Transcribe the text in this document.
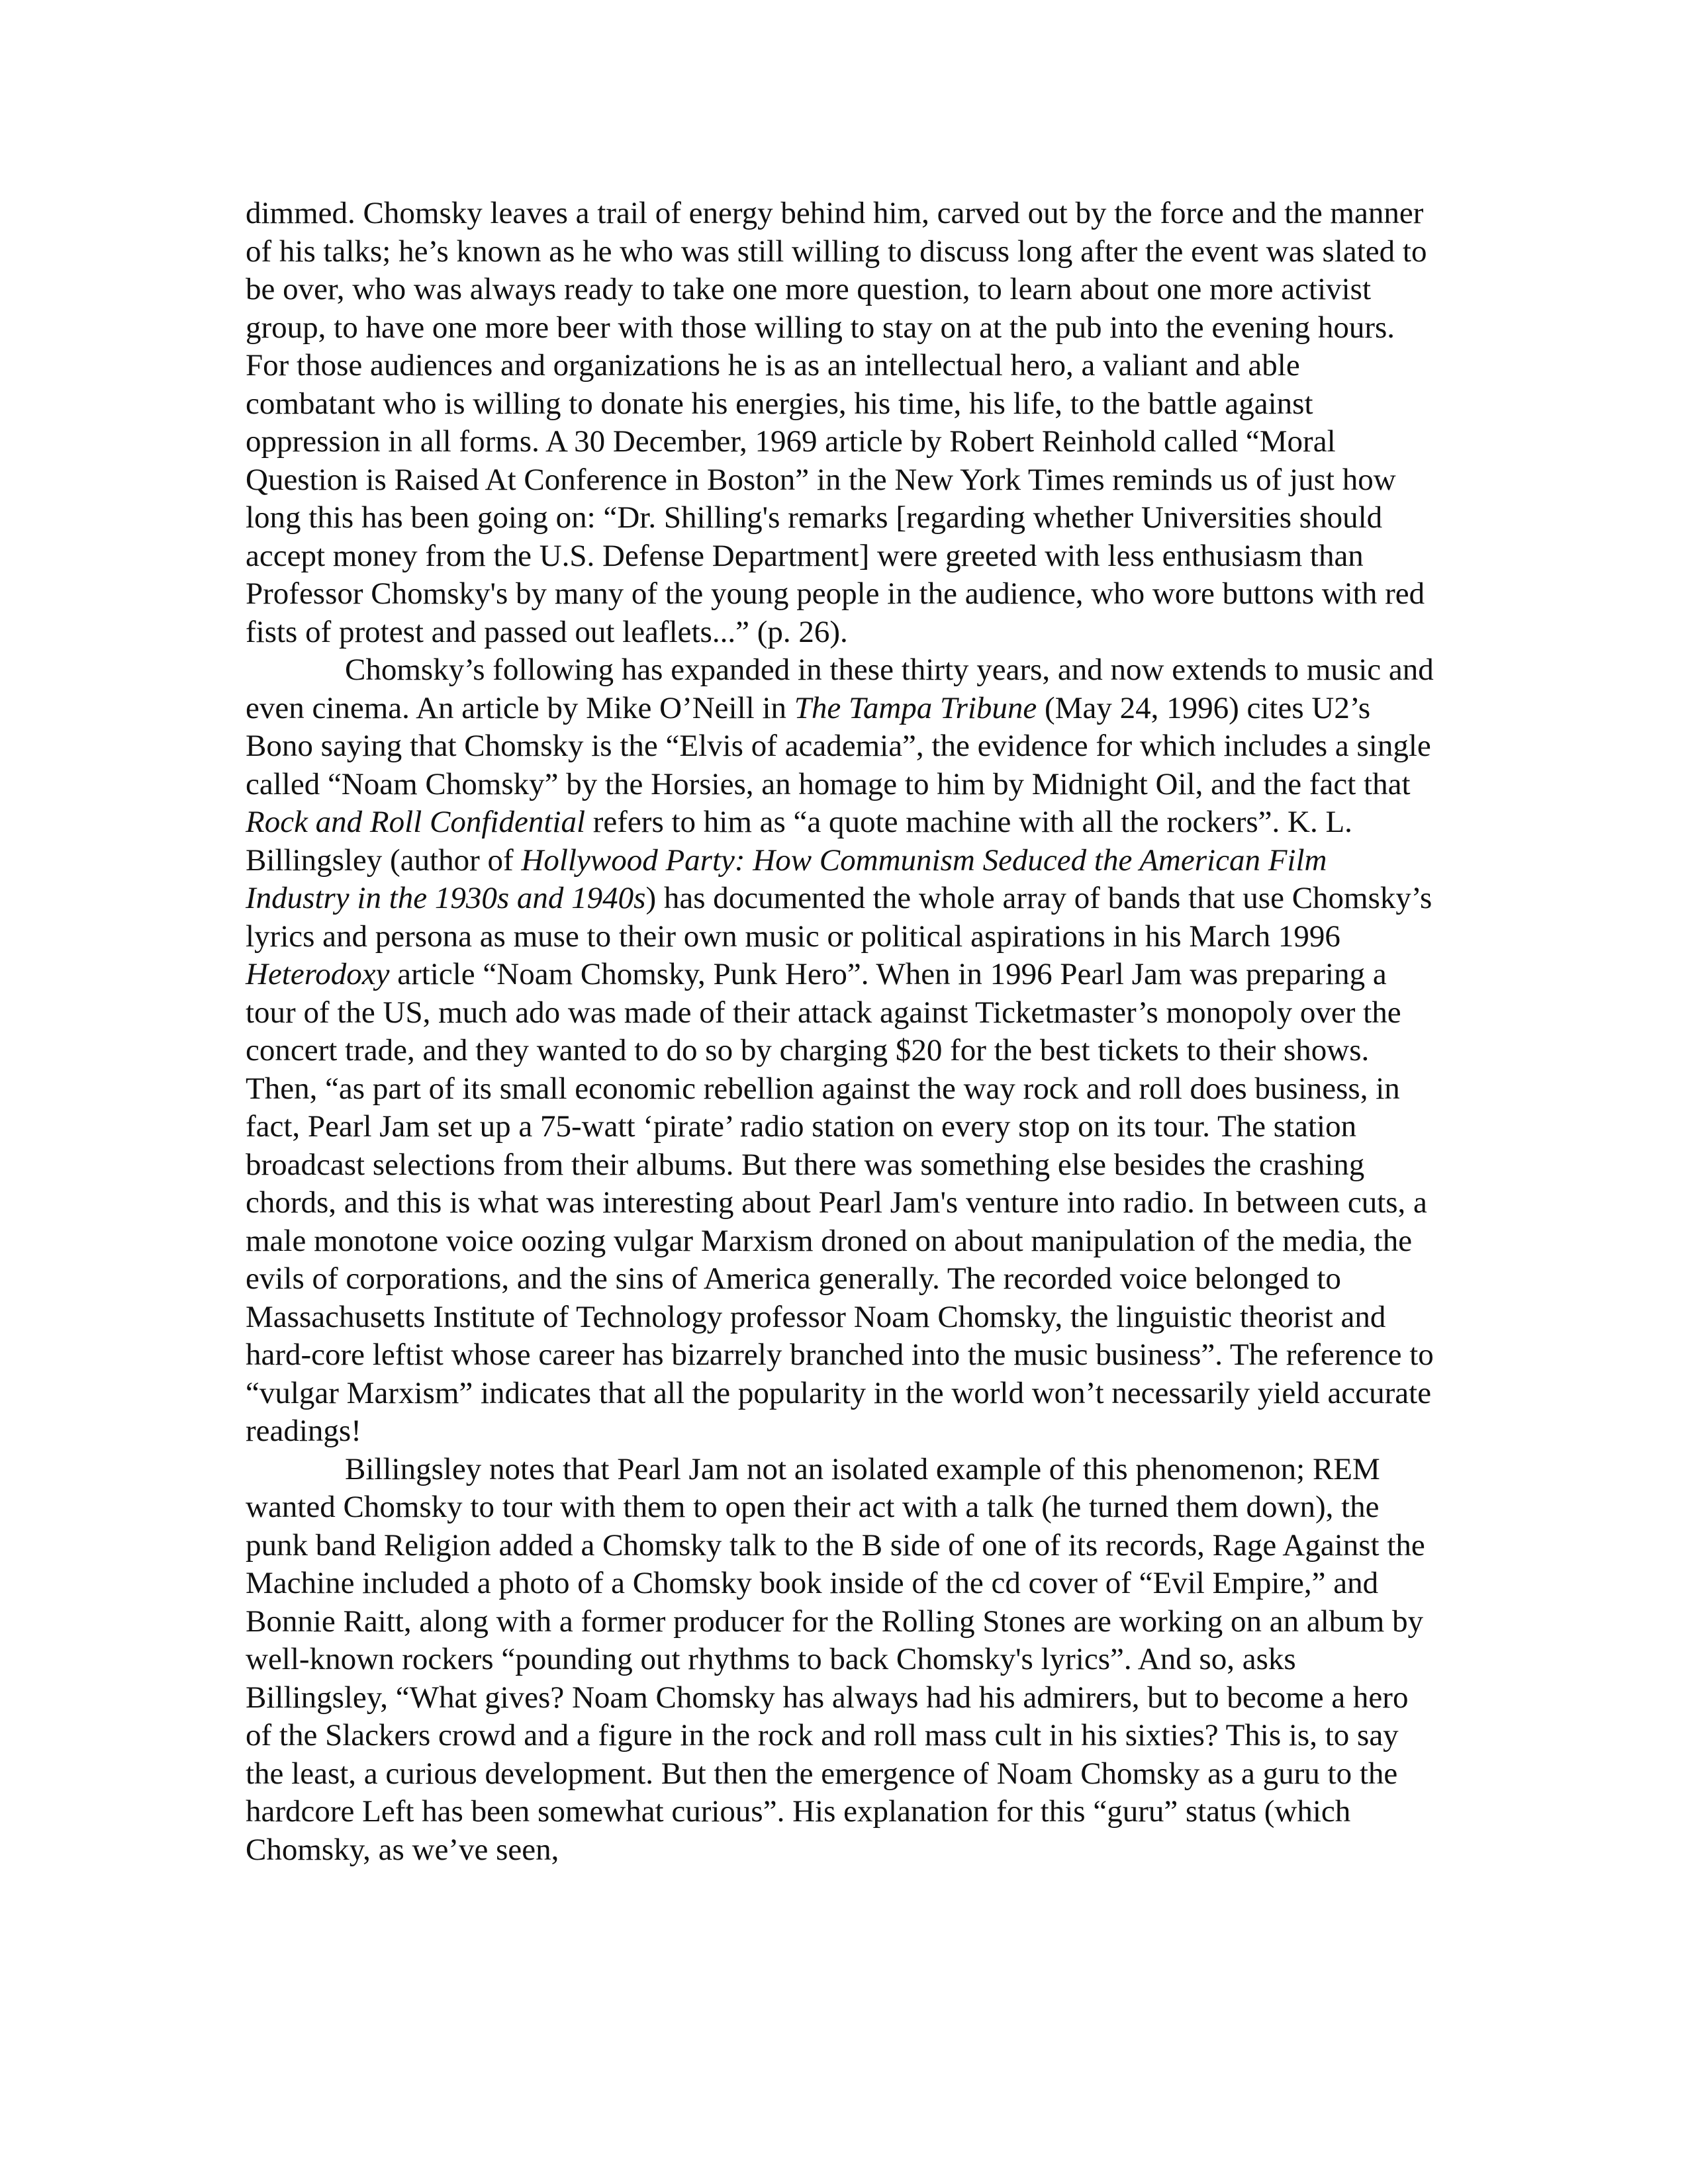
dimmed. Chomsky leaves a trail of energy behind him, carved out by the force and the manner of his talks; he’s known as he who was still willing to discuss long after the event was slated to be over, who was always ready to take one more question, to learn about one more activist group, to have one more beer with those willing to stay on at the pub into the evening hours. For those audiences and organizations he is as an intellectual hero, a valiant and able combatant who is willing to donate his energies, his time, his life, to the battle against oppression in all forms. A 30 December, 1969 article by Robert Reinhold called “Moral Question is Raised At Conference in Boston” in the New York Times reminds us of just how long this has been going on: “Dr. Shilling's remarks [regarding whether Universities should accept money from the U.S. Defense Department] were greeted with less enthusiasm than Professor Chomsky's by many of the young people in the audience, who wore buttons with red fists of protest and passed out leaflets...” (p. 26).

Chomsky’s following has expanded in these thirty years, and now extends to music and even cinema. An article by Mike O’Neill in The Tampa Tribune (May 24, 1996) cites U2’s Bono saying that Chomsky is the “Elvis of academia”, the evidence for which includes a single called “Noam Chomsky” by the Horsies, an homage to him by Midnight Oil, and the fact that Rock and Roll Confidential refers to him as “a quote machine with all the rockers”. K. L. Billingsley (author of Hollywood Party: How Communism Seduced the American Film Industry in the 1930s and 1940s) has documented the whole array of bands that use Chomsky’s lyrics and persona as muse to their own music or political aspirations in his March 1996 Heterodoxy article “Noam Chomsky, Punk Hero”. When in 1996 Pearl Jam was preparing a tour of the US, much ado was made of their attack against Ticketmaster’s monopoly over the concert trade, and they wanted to do so by charging $20 for the best tickets to their shows. Then, “as part of its small economic rebellion against the way rock and roll does business, in fact, Pearl Jam set up a 75-watt ‘pirate’ radio station on every stop on its tour. The station broadcast selections from their albums. But there was something else besides the crashing chords, and this is what was interesting about Pearl Jam's venture into radio. In between cuts, a male monotone voice oozing vulgar Marxism droned on about manipulation of the media, the evils of corporations, and the sins of America generally. The recorded voice belonged to Massachusetts Institute of Technology professor Noam Chomsky, the linguistic theorist and hard-core leftist whose career has bizarrely branched into the music business”. The reference to “vulgar Marxism” indicates that all the popularity in the world won’t necessarily yield accurate readings!

Billingsley notes that Pearl Jam not an isolated example of this phenomenon; REM wanted Chomsky to tour with them to open their act with a talk (he turned them down), the punk band Religion added a Chomsky talk to the B side of one of its records, Rage Against the Machine included a photo of a Chomsky book inside of the cd cover of “Evil Empire,” and Bonnie Raitt, along with a former producer for the Rolling Stones are working on an album by well-known rockers “pounding out rhythms to back Chomsky's lyrics”. And so, asks Billingsley, “What gives? Noam Chomsky has always had his admirers, but to become a hero of the Slackers crowd and a figure in the rock and roll mass cult in his sixties? This is, to say the least, a curious development. But then the emergence of Noam Chomsky as a guru to the hardcore Left has been somewhat curious”. His explanation for this “guru” status (which Chomsky, as we’ve seen,
